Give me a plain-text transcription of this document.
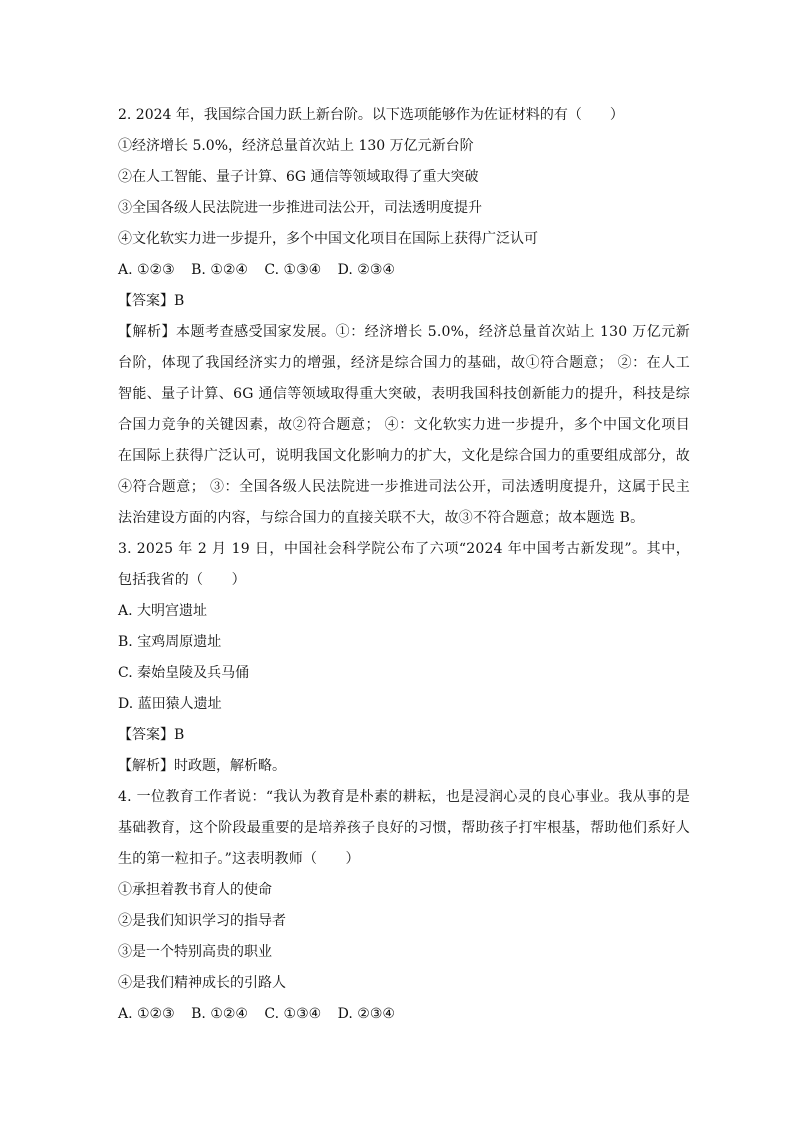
2. 2024 年，我国综合国力跃上新台阶。以下选项能够作为佐证材料的有（　　）
①经济增长 5.0%，经济总量首次站上 130 万亿元新台阶
②在人工智能、量子计算、6G 通信等领域取得了重大突破
③全国各级人民法院进一步推进司法公开，司法透明度提升
④文化软实力进一步提升，多个中国文化项目在国际上获得广泛认可
A. ①②③ B. ①②④ C. ①③④ D. ②③④
【答案】B
【解析】本题考查感受国家发展。①：经济增长 5.0%，经济总量首次站上 130 万亿元新台阶，体现了我国经济实力的增强，经济是综合国力的基础，故①符合题意； ②：在人工智能、量子计算、6G 通信等领域取得重大突破，表明我国科技创新能力的提升，科技是综合国力竞争的关键因素，故②符合题意； ④：文化软实力进一步提升，多个中国文化项目在国际上获得广泛认可，说明我国文化影响力的扩大，文化是综合国力的重要组成部分，故④符合题意； ③：全国各级人民法院进一步推进司法公开，司法透明度提升，这属于民主法治建设方面的内容，与综合国力的直接关联不大，故③不符合题意；故本题选 B。
3. 2025 年 2 月 19 日，中国社会科学院公布了六项“2024 年中国考古新发现”。其中，包括我省的（　　）
A. 大明宫遗址
B. 宝鸡周原遗址
C. 秦始皇陵及兵马俑
D. 蓝田猿人遗址
【答案】B
【解析】时政题，解析略。
4. 一位教育工作者说：“我认为教育是朴素的耕耘，也是浸润心灵的良心事业。我从事的是基础教育，这个阶段最重要的是培养孩子良好的习惯，帮助孩子打牢根基，帮助他们系好人生的第一粒扣子。”这表明教师（　　）
①承担着教书育人的使命
②是我们知识学习的指导者
③是一个特别高贵的职业
④是我们精神成长的引路人
A. ①②③ B. ①②④ C. ①③④ D. ②③④
